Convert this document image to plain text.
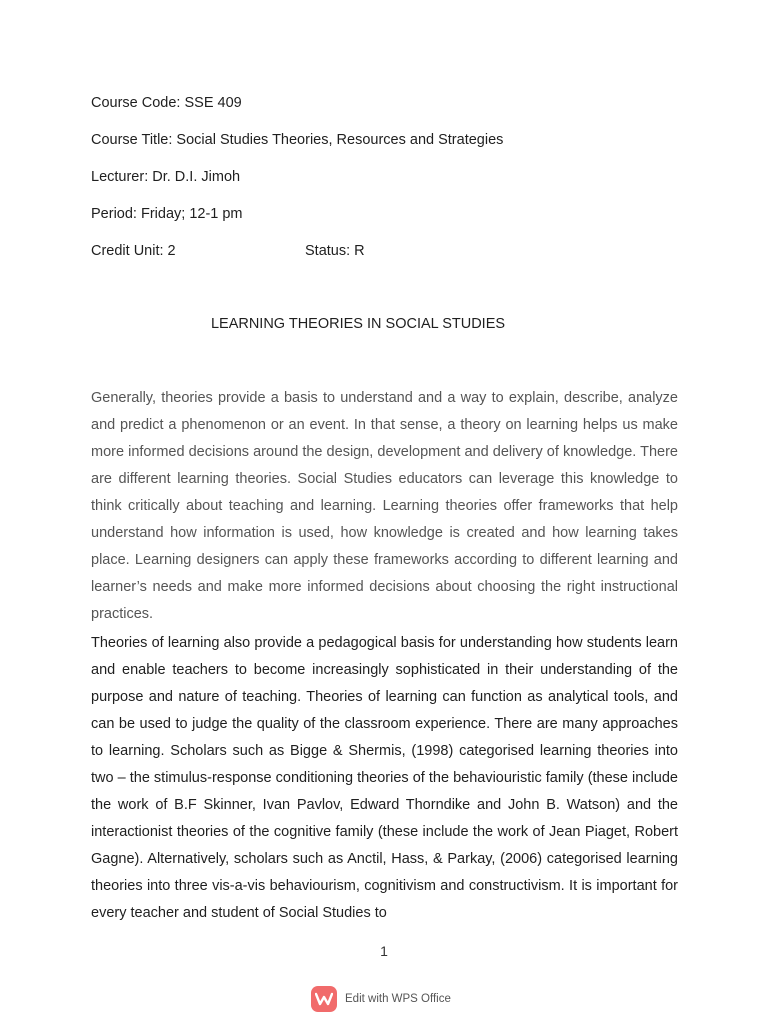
Course Code: SSE 409
Course Title: Social Studies Theories, Resources and Strategies
Lecturer: Dr. D.I. Jimoh
Period: Friday; 12-1 pm
Credit Unit: 2	Status: R
LEARNING THEORIES IN SOCIAL STUDIES

Generally, theories provide a basis to understand and a way to explain, describe, analyze and predict a phenomenon or an event. In that sense, a theory on learning helps us make more informed decisions around the design, development and delivery of knowledge. There are different learning theories. Social Studies educators can leverage this knowledge to think critically about teaching and learning. Learning theories offer frameworks that help understand how information is used, how knowledge is created and how learning takes place. Learning designers can apply these frameworks according to different learning and learner’s needs and make more informed decisions about choosing the right instructional practices.

Theories of learning also provide a pedagogical basis for understanding how students learn and enable teachers to become increasingly sophisticated in their understanding of the purpose and nature of teaching. Theories of learning can function as analytical tools, and can be used to judge the quality of the classroom experience. There are many approaches to learning. Scholars such as Bigge & Shermis, (1998) categorised learning theories into two – the stimulus-response conditioning theories of the behaviouristic family (these include the work of B.F Skinner, Ivan Pavlov, Edward Thorndike and John B. Watson) and the interactionist theories of the cognitive family (these include the work of Jean Piaget, Robert Gagne). Alternatively, scholars such as Anctil, Hass, & Parkay, (2006) categorised learning theories into three vis-a-vis behaviourism, cognitivism and constructivism. It is important for every teacher and student of Social Studies to

1
Edit with WPS Office
